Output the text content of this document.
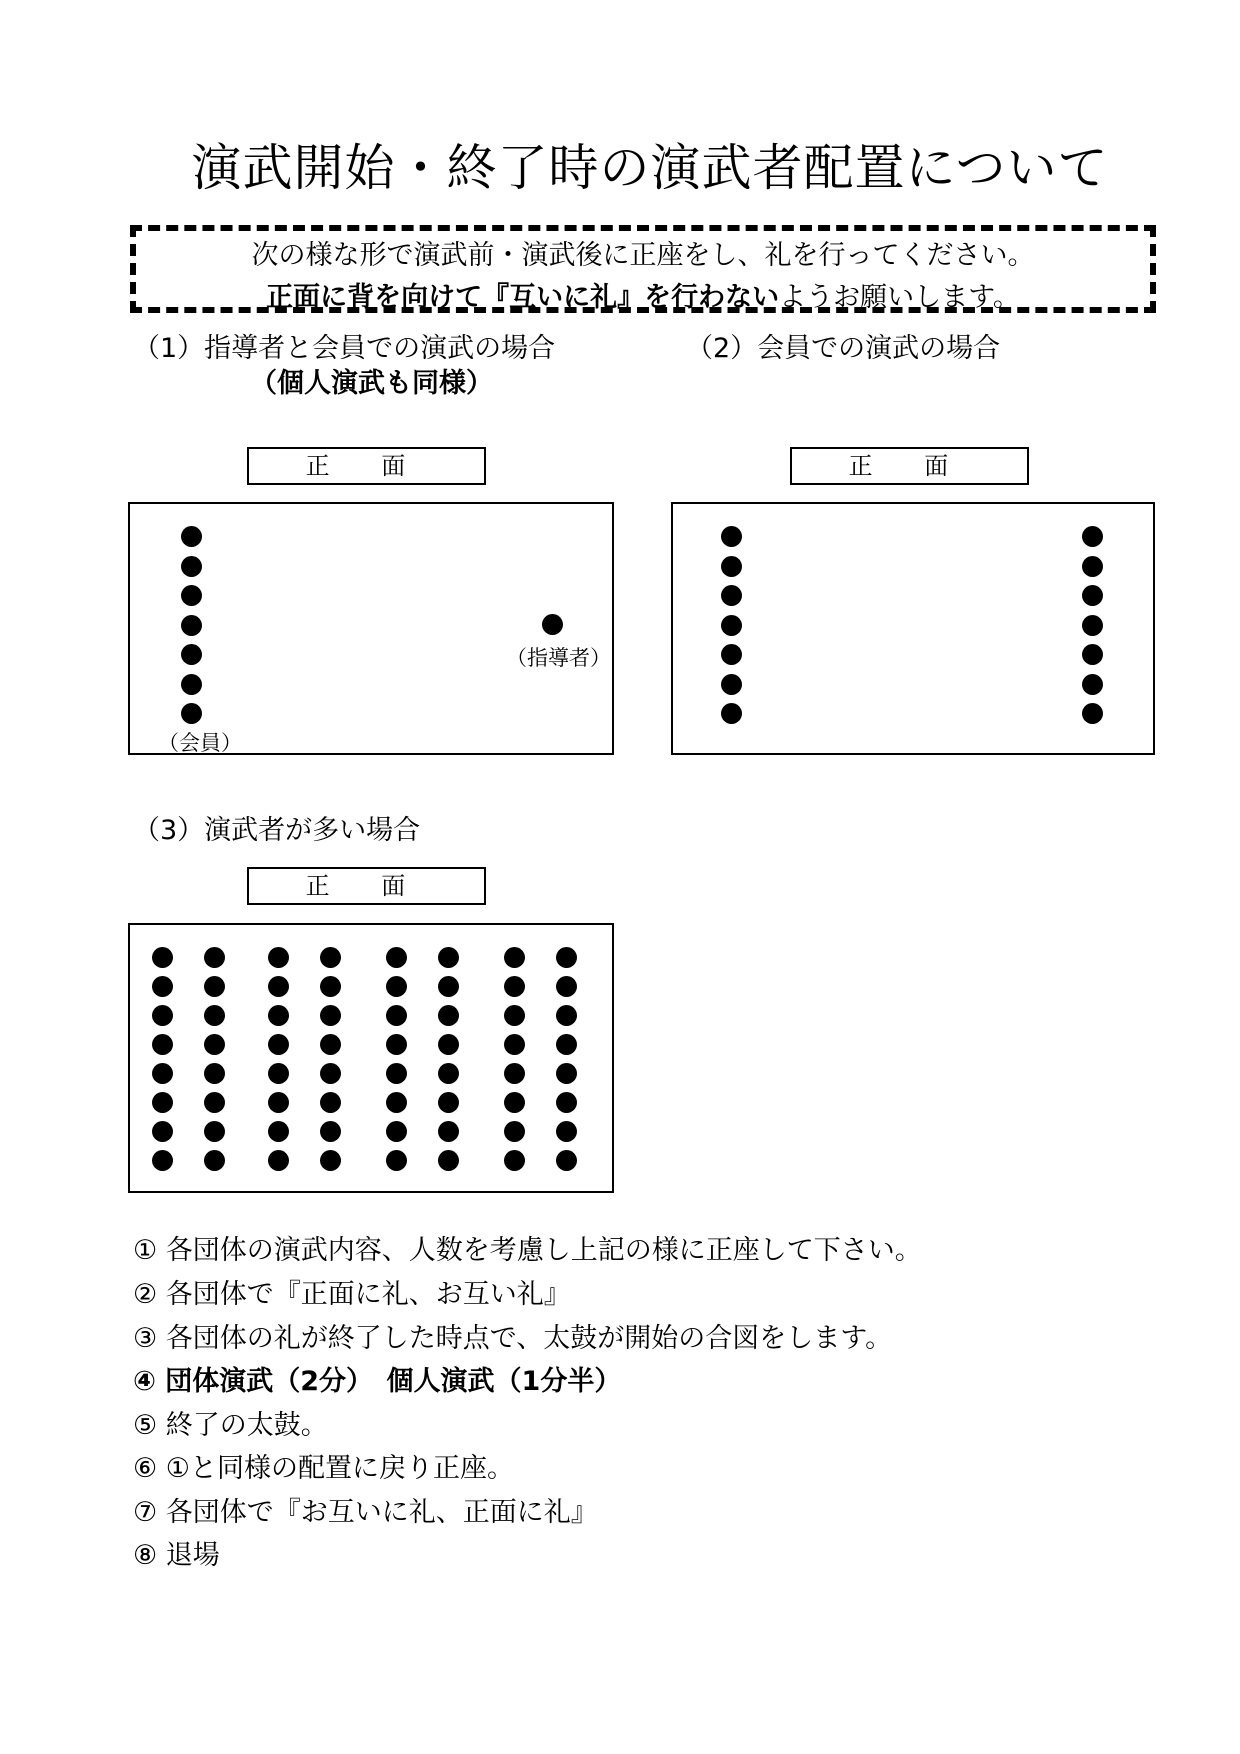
演武開始・終了時の演武者配置について
次の様な形で演武前・演武後に正座をし、礼を行ってください。
正面に背を向けて『互いに礼』を行わないようお願いします。
（1）指導者と会員での演武の場合
（個人演武も同様）
正 面
（会員）
（指導者）
（2）会員での演武の場合
正 面
（3）演武者が多い場合
正 面
① 各団体の演武内容、人数を考慮し上記の様に正座して下さい。
② 各団体で『正面に礼、お互い礼』
③ 各団体の礼が終了した時点で、太鼓が開始の合図をします。
④ 団体演武（2分）　個人演武（1分半）
⑤ 終了の太鼓。
⑥ ①と同様の配置に戻り正座。
⑦ 各団体で『お互いに礼、正面に礼』
⑧ 退場
